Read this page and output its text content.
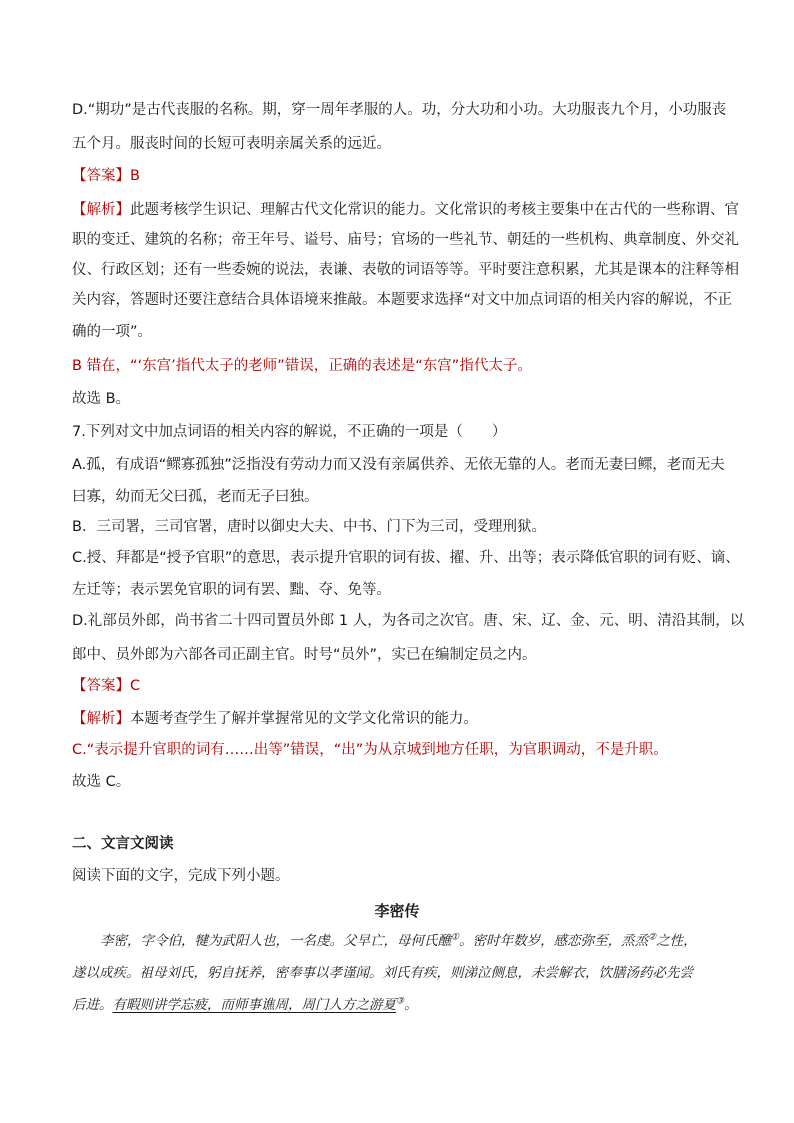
D.“期功”是古代丧服的名称。期，穿一周年孝服的人。功，分大功和小功。大功服丧九个月，小功服丧

五个月。服丧时间的长短可表明亲属关系的远近。

【答案】B

【解析】此题考核学生识记、理解古代文化常识的能力。文化常识的考核主要集中在古代的一些称谓、官

职的变迁、建筑的名称；帝王年号、谥号、庙号；官场的一些礼节、朝廷的一些机构、典章制度、外交礼

仪、行政区划；还有一些委婉的说法，表谦、表敬的词语等等。平时要注意积累，尤其是课本的注释等相

关内容，答题时还要注意结合具体语境来推敲。本题要求选择“对文中加点词语的相关内容的解说，不正

确的一项”。

B 错在，“‘东宫’指代太子的老师”错误，正确的表述是“东宫”指代太子。

故选 B。

7.下列对文中加点词语的相关内容的解说，不正确的一项是（　　）

A.孤，有成语“鳏寡孤独”泛指没有劳动力而又没有亲属供养、无依无靠的人。老而无妻曰鳏，老而无夫

曰寡，幼而无父曰孤，老而无子曰独。

B．三司署，三司官署，唐时以御史大夫、中书、门下为三司，受理刑狱。

C.授、拜都是“授予官职”的意思，表示提升官职的词有拔、擢、升、出等；表示降低官职的词有贬、谪、

左迁等；表示罢免官职的词有罢、黜、夺、免等。

D.礼部员外郎，尚书省二十四司置员外郎 1 人，为各司之次官。唐、宋、辽、金、元、明、清沿其制，以

郎中、员外郎为六部各司正副主官。时号“员外”，实已在编制定员之内。

【答案】C

【解析】本题考查学生了解并掌握常见的文学文化常识的能力。

C.“表示提升官职的词有……出等”错误，“出”为从京城到地方任职，为官职调动，不是升职。

故选 C。

二、文言文阅读

阅读下面的文字，完成下列小题。

李密传
李密，字令伯，犍为武阳人也，一名虔。父早亡，母何氏醮①。密时年数岁，感恋弥至，烝烝②之性，
遂以成疾。祖母刘氏，躬自抚养，密奉事以孝谨闻。刘氏有疾，则涕泣侧息，未尝解衣，饮膳汤药必先尝
后进。有暇则讲学忘疲，而师事谯周，周门人方之游夏③。
